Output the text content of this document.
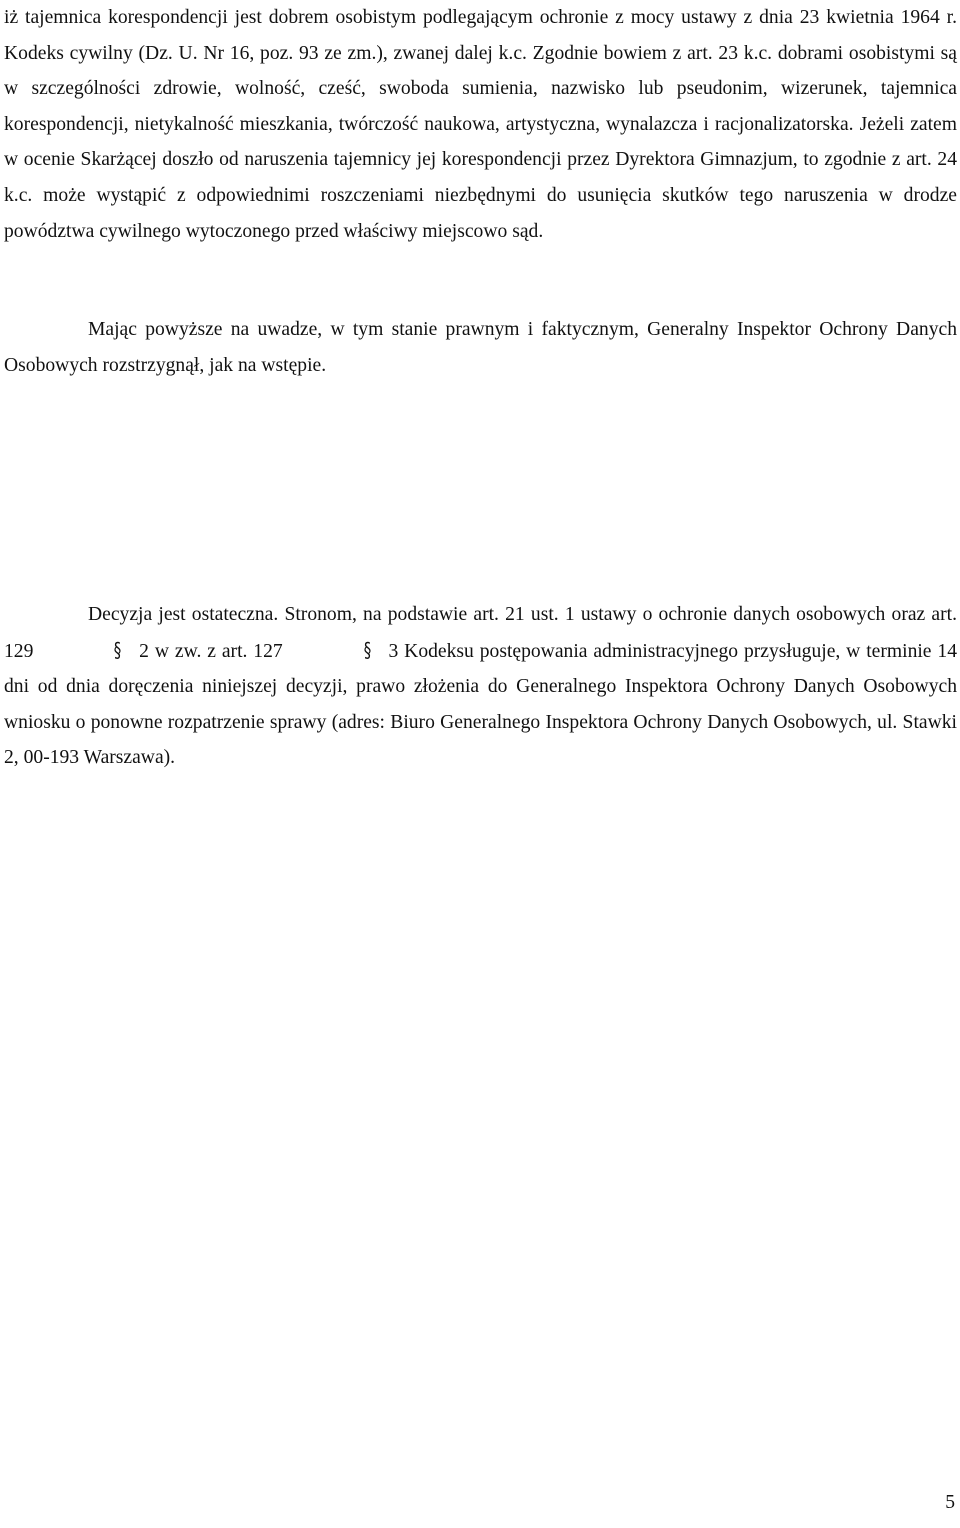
iż tajemnica korespondencji jest dobrem osobistym podlegającym ochronie z mocy ustawy z dnia 23 kwietnia 1964 r. Kodeks cywilny (Dz. U. Nr 16, poz. 93 ze zm.), zwanej dalej k.c. Zgodnie bowiem z art. 23 k.c. dobrami osobistymi są w szczególności zdrowie, wolność, cześć, swoboda sumienia, nazwisko lub pseudonim, wizerunek, tajemnica korespondencji, nietykalność mieszkania, twórczość naukowa, artystyczna, wynalazcza i racjonalizatorska. Jeżeli zatem w ocenie Skarżącej doszło od naruszenia tajemnicy jej korespondencji przez Dyrektora Gimnazjum, to zgodnie z art. 24 k.c. może wystąpić z odpowiednimi roszczeniami niezbędnymi do usunięcia skutków tego naruszenia w drodze powództwa cywilnego wytoczonego przed właściwy miejscowo sąd.

Mając powyższe na uwadze, w tym stanie prawnym i faktycznym, Generalny Inspektor Ochrony Danych Osobowych rozstrzygnął, jak na wstępie.

Decyzja jest ostateczna. Stronom, na podstawie art. 21 ust. 1 ustawy o ochronie danych osobowych oraz art. 129	§ 2 w zw. z art. 127	§ 3 Kodeksu postępowania administracyjnego przysługuje, w terminie 14 dni od dnia doręczenia niniejszej decyzji, prawo złożenia do Generalnego Inspektora Ochrony Danych Osobowych wniosku o ponowne rozpatrzenie sprawy (adres: Biuro Generalnego Inspektora Ochrony Danych Osobowych, ul. Stawki 2, 00-193 Warszawa).

5
